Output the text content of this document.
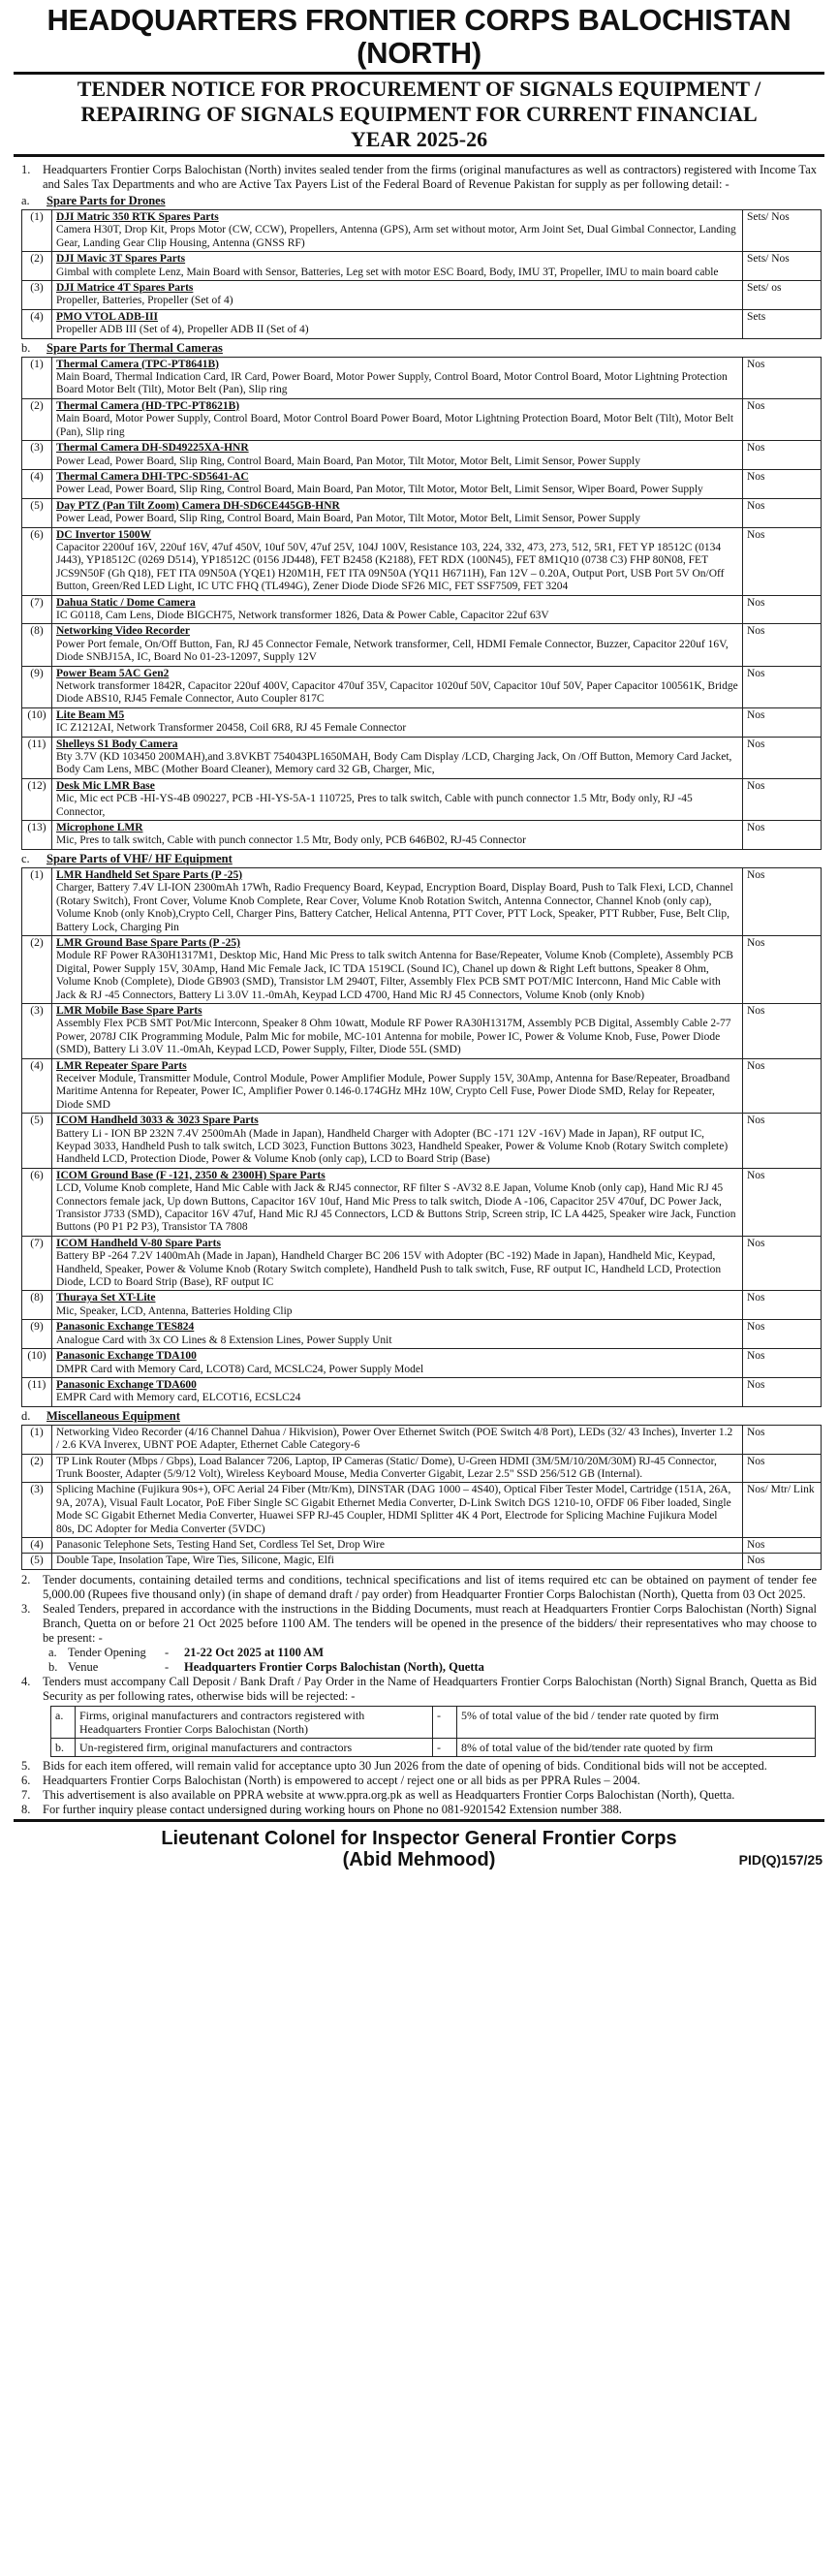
HEADQUARTERS FRONTIER CORPS BALOCHISTAN (NORTH)
TENDER NOTICE FOR PROCUREMENT OF SIGNALS EQUIPMENT /
REPAIRING OF SIGNALS EQUIPMENT FOR CURRENT FINANCIAL
YEAR 2025-26
1.	Headquarters Frontier Corps Balochistan (North) invites sealed tender from the firms (original manufactures as well as contractors) registered with Income Tax and Sales Tax Departments and who are Active Tax Payers List of the Federal Board of Revenue Pakistan for supply as per following detail: -
a.	Spare Parts for Drones
(1)	DJI Matric 350 RTK Spares Parts
Camera H30T, Drop Kit, Props Motor (CW, CCW), Propellers, Antenna (GPS), Arm set without motor, Arm Joint Set, Dual Gimbal Connector, Landing Gear, Landing Gear Clip Housing, Antenna (GNSS RF)	Sets/ Nos
(2)	DJI Mavic 3T Spares Parts
Gimbal with complete Lenz, Main Board with Sensor, Batteries, Leg set with motor ESC Board, Body, IMU 3T, Propeller, IMU to main board cable	Sets/ Nos
(3)	DJI Matrice 4T Spares Parts
Propeller, Batteries, Propeller (Set of 4)	Sets/ os
(4)	PMO VTOL ADB-III
Propeller ADB III (Set of 4), Propeller ADB II (Set of 4)	Sets
b.	Spare Parts for Thermal Cameras
(1)	Thermal Camera (TPC-PT8641B)
Main Board, Thermal Indication Card, IR Card, Power Board, Motor Power Supply, Control Board, Motor Control Board, Motor Lightning Protection Board Motor Belt (Tilt), Motor Belt (Pan), Slip ring	Nos
(2)	Thermal Camera (HD-TPC-PT8621B)
Main Board, Motor Power Supply, Control Board, Motor Control Board Power Board, Motor Lightning Protection Board, Motor Belt (Tilt), Motor Belt (Pan), Slip ring	Nos
(3)	Thermal Camera DH-SD49225XA-HNR
Power Lead, Power Board, Slip Ring, Control Board, Main Board, Pan Motor, Tilt Motor, Motor Belt, Limit Sensor, Power Supply	Nos
(4)	Thermal Camera DHI-TPC-SD5641-AC
Power Lead, Power Board, Slip Ring, Control Board, Main Board, Pan Motor, Tilt Motor, Motor Belt, Limit Sensor, Wiper Board, Power Supply	Nos
(5)	Day PTZ (Pan Tilt Zoom) Camera DH-SD6CE445GB-HNR
Power Lead, Power Board, Slip Ring, Control Board, Main Board, Pan Motor, Tilt Motor, Motor Belt, Limit Sensor, Power Supply	Nos
(6)	DC Invertor 1500W
Capacitor 2200uf 16V, 220uf 16V, 47uf 450V, 10uf 50V, 47uf 25V, 104J 100V, Resistance 103, 224, 332, 473, 273, 512, 5R1, FET YP 18512C (0134 J443), YP18512C (0269 D514), YP18512C (0156 JD448), FET B2458 (K2188), FET RDX (100N45), FET 8M1Q10 (0738 C3) FHP 80N08, FET JCS9N50F (Gh Q18), FET ITA 09N50A (YQE1) H20M1H, FET ITA 09N50A (YQ11 H6711H), Fan 12V – 0.20A, Output Port, USB Port 5V On/Off Button, Green/Red LED Light, IC UTC FHQ (TL494G), Zener Diode Diode SF26 MIC, FET SSF7509, FET 3204	Nos
(7)	Dahua Static / Dome Camera
IC G0118, Cam Lens, Diode BIGCH75, Network transformer 1826, Data & Power Cable, Capacitor 22uf 63V	Nos
(8)	Networking Video Recorder
Power Port female, On/Off Button, Fan, RJ 45 Connector Female, Network transformer, Cell, HDMI Female Connector, Buzzer, Capacitor 220uf 16V, Diode SNBJ15A, IC, Board No 01-23-12097, Supply 12V	Nos
(9)	Power Beam 5AC Gen2
Network transformer 1842R, Capacitor 220uf 400V, Capacitor 470uf 35V, Capacitor 1020uf 50V, Capacitor 10uf 50V, Paper Capacitor 100561K, Bridge Diode ABS10, RJ45 Female Connector, Auto Coupler 817C	Nos
(10)	Lite Beam M5
IC Z1212AI, Network Transformer 20458, Coil 6R8, RJ 45 Female Connector	Nos
(11)	Shelleys S1 Body Camera
Bty 3.7V (KD 103450 200MAH),and 3.8VKBT 754043PL1650MAH, Body Cam Display /LCD, Charging Jack, On /Off Button, Memory Card Jacket, Body Cam Lens, MBC (Mother Board Cleaner), Memory card 32 GB, Charger, Mic,	Nos
(12)	Desk Mic LMR Base
Mic, Mic ect PCB -HI-YS-4B 090227, PCB -HI-YS-5A-1 110725, Pres to talk switch, Cable with punch connector 1.5 Mtr, Body only, RJ -45 Connector,	Nos
(13)	Microphone LMR
Mic, Pres to talk switch, Cable with punch connector 1.5 Mtr, Body only, PCB 646B02, RJ-45 Connector	Nos
c.	Spare Parts of VHF/ HF Equipment
(1)	LMR Handheld Set Spare Parts (P -25)
Charger, Battery 7.4V LI-ION 2300mAh 17Wh, Radio Frequency Board, Keypad, Encryption Board, Display Board, Push to Talk Flexi, LCD, Channel (Rotary Switch), Front Cover, Volume Knob Complete, Rear Cover, Volume Knob Rotation Switch, Antenna Connector, Channel Knob (only cap), Volume Knob (only Knob),Crypto Cell, Charger Pins, Battery Catcher, Helical Antenna, PTT Cover, PTT Lock, Speaker, PTT Rubber, Fuse, Belt Clip, Battery Lock, Charging Pin	Nos
(2)	LMR Ground Base Spare Parts (P -25)
Module RF Power RA30H1317M1, Desktop Mic, Hand Mic Press to talk switch Antenna for Base/Repeater, Volume Knob (Complete), Assembly PCB Digital, Power Supply 15V, 30Amp, Hand Mic Female Jack, IC TDA 1519CL (Sound IC), Chanel up down & Right Left buttons, Speaker 8 Ohm, Volume Knob (Complete), Diode GB903 (SMD), Transistor LM 2940T, Filter, Assembly Flex PCB SMT POT/MIC Interconn, Hand Mic Cable with Jack & RJ -45 Connectors, Battery Li 3.0V 11.-0mAh, Keypad LCD 4700, Hand Mic RJ 45 Connectors, Volume Knob (only Knob)	Nos
(3)	LMR Mobile Base Spare Parts
Assembly Flex PCB SMT Pot/Mic Interconn, Speaker 8 Ohm 10watt, Module RF Power RA30H1317M, Assembly PCB Digital, Assembly Cable 2-77 Power, 2078J CIK Programming Module, Palm Mic for mobile, MC-101 Antenna for mobile, Power IC, Power & Volume Knob, Fuse, Power Diode (SMD), Battery Li 3.0V 11.-0mAh, Keypad LCD, Power Supply, Filter, Diode 55L (SMD)	Nos
(4)	LMR Repeater Spare Parts
Receiver Module, Transmitter Module, Control Module, Power Amplifier Module, Power Supply 15V, 30Amp, Antenna for Base/Repeater, Broadband Maritime Antenna for Repeater, Power IC, Amplifier Power 0.146-0.174GHz MHz 10W, Crypto Cell Fuse, Power Diode SMD, Relay for Repeater, Diode SMD	Nos
(5)	ICOM Handheld 3033 & 3023 Spare Parts
Battery Li - ION BP 232N 7.4V 2500mAh (Made in Japan), Handheld Charger with Adopter (BC -171 12V -16V) Made in Japan), RF output IC, Keypad 3033, Handheld Push to talk switch, LCD 3023, Function Buttons 3023, Handheld Speaker, Power & Volume Knob (Rotary Switch complete) Handheld LCD, Protection Diode, Power & Volume Knob (only cap), LCD to Board Strip (Base)	Nos
(6)	ICOM Ground Base (F -121, 2350 & 2300H) Spare Parts
LCD, Volume Knob complete, Hand Mic Cable with Jack & RJ45 connector, RF filter S -AV32 8.E Japan, Volume Knob (only cap), Hand Mic RJ 45 Connectors female jack, Up down Buttons, Capacitor 16V 10uf, Hand Mic Press to talk switch, Diode A -106, Capacitor 25V 470uf, DC Power Jack, Transistor J733 (SMD), Capacitor 16V 47uf, Hand Mic RJ 45 Connectors, LCD & Buttons Strip, Screen strip, IC LA 4425, Speaker wire Jack, Function Buttons (P0 P1 P2 P3), Transistor TA 7808	Nos
(7)	ICOM Handheld V-80 Spare Parts
Battery BP -264 7.2V 1400mAh (Made in Japan), Handheld Charger BC 206 15V with Adopter (BC -192) Made in Japan), Handheld Mic, Keypad, Handheld, Speaker, Power & Volume Knob (Rotary Switch complete), Handheld Push to talk switch, Fuse, RF output IC, Handheld LCD, Protection Diode, LCD to Board Strip (Base), RF output IC	Nos
(8)	Thuraya Set XT-Lite
Mic, Speaker, LCD, Antenna, Batteries Holding Clip	Nos
(9)	Panasonic Exchange TES824
Analogue Card with 3x CO Lines & 8 Extension Lines, Power Supply Unit	Nos
(10)	Panasonic Exchange TDA100
DMPR Card with Memory Card, LCOT8) Card, MCSLC24, Power Supply Model	Nos
(11)	Panasonic Exchange TDA600
EMPR Card with Memory card, ELCOT16, ECSLC24	Nos
d.	Miscellaneous Equipment
(1)	Networking Video Recorder (4/16 Channel Dahua / Hikvision), Power Over Ethernet Switch (POE Switch 4/8 Port), LEDs (32/ 43 Inches), Inverter 1.2 / 2.6 KVA Inverex, UBNT POE Adapter, Ethernet Cable Category-6	Nos
(2)	TP Link Router (Mbps / Gbps), Load Balancer 7206, Laptop, IP Cameras (Static/ Dome), U-Green HDMI (3M/5M/10/20M/30M) RJ-45 Connector, Trunk Booster, Adapter (5/9/12 Volt), Wireless Keyboard Mouse, Media Converter Gigabit, Lezar 2.5" SSD 256/512 GB (Internal).	Nos
(3)	Splicing Machine (Fujikura 90s+), OFC Aerial 24 Fiber (Mtr/Km), DINSTAR (DAG 1000 – 4S40), Optical Fiber Tester Model, Cartridge (151A, 26A, 9A, 207A), Visual Fault Locator, PoE Fiber Single SC Gigabit Ethernet Media Converter, D-Link Switch DGS 1210-10, OFDF 06 Fiber loaded, Single Mode SC Gigabit Ethernet Media Converter, Huawei SFP RJ-45 Coupler, HDMI Splitter 4K 4 Port, Electrode for Splicing Machine Fujikura Model 80s, DC Adopter for Media Converter (5VDC)	Nos/ Mtr/ Link
(4)	Panasonic Telephone Sets, Testing Hand Set, Cordless Tel Set, Drop Wire	Nos
(5)	Double Tape, Insolation Tape, Wire Ties, Silicone, Magic, Elfi	Nos
2.	Tender documents, containing detailed terms and conditions, technical specifications and list of items required etc can be obtained on payment of tender fee 5,000.00 (Rupees five thousand only) (in shape of demand draft / pay order) from Headquarter Frontier Corps Balochistan (North), Quetta from 03 Oct 2025.
3.	Sealed Tenders, prepared in accordance with the instructions in the Bidding Documents, must reach at Headquarters Frontier Corps Balochistan (North) Signal Branch, Quetta on or before 21 Oct 2025 before 1100 AM. The tenders will be opened in the presence of the bidders/ their representatives who may choose to be present: -
a. Tender Opening	-	21-22 Oct 2025 at 1100 AM
b. Venue	-	Headquarters Frontier Corps Balochistan (North), Quetta
4.	Tenders must accompany Call Deposit / Bank Draft / Pay Order in the Name of Headquarters Frontier Corps Balochistan (North) Signal Branch, Quetta as Bid Security as per following rates, otherwise bids will be rejected: -
a.	Firms, original manufacturers and contractors registered with Headquarters Frontier Corps Balochistan (North)	-	5% of total value of the bid / tender rate quoted by firm
b.	Un-registered firm, original manufacturers and contractors	-	8% of total value of the bid/tender rate quoted by firm
5.	Bids for each item offered, will remain valid for acceptance upto 30 Jun 2026 from the date of opening of bids. Conditional bids will not be accepted.
6.	Headquarters Frontier Corps Balochistan (North) is empowered to accept / reject one or all bids as per PPRA Rules – 2004.
7.	This advertisement is also available on PPRA website at www.ppra.org.pk as well as Headquarters Frontier Corps Balochistan (North), Quetta.
8.	For further inquiry please contact undersigned during working hours on Phone no 081-9201542 Extension number 388.
Lieutenant Colonel for Inspector General Frontier Corps
(Abid Mehmood)	PID(Q)157/25
